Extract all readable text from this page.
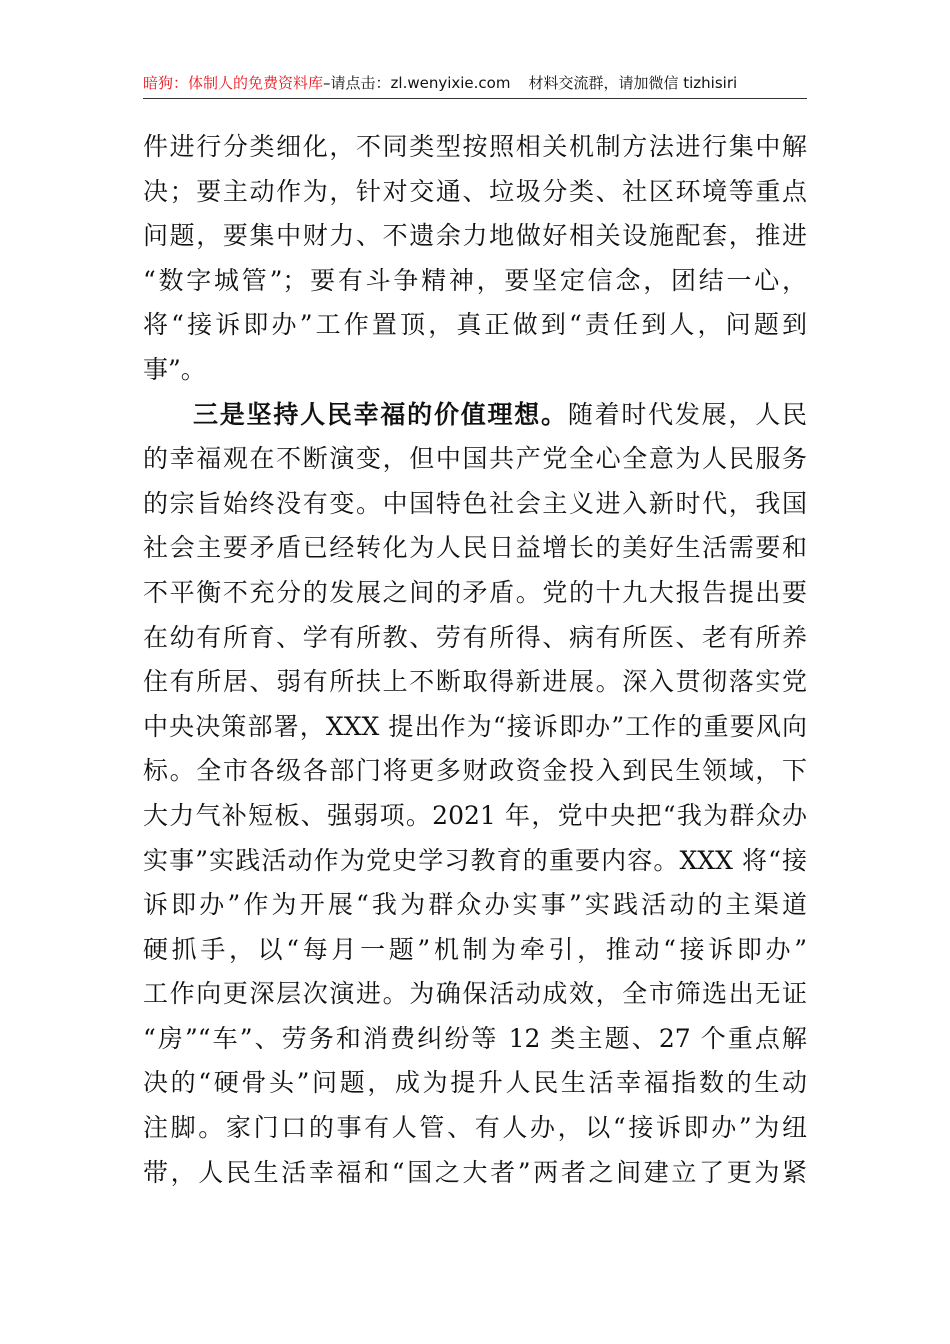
暗狗：体制人的免费资料库–请点击：zl.wenyixie.com 材料交流群，请加微信 tizhisiri
件进行分类细化，不同类型按照相关机制方法进行集中解
决；要主动作为，针对交通、垃圾分类、社区环境等重点
问题，要集中财力、不遗余力地做好相关设施配套，推进
“数字城管”；要有斗争精神，要坚定信念，团结一心，
将“接诉即办”工作置顶，真正做到“责任到人，问题到
事”。
三是坚持人民幸福的价值理想。随着时代发展，人民
的幸福观在不断演变，但中国共产党全心全意为人民服务
的宗旨始终没有变。中国特色社会主义进入新时代，我国
社会主要矛盾已经转化为人民日益增长的美好生活需要和
不平衡不充分的发展之间的矛盾。党的十九大报告提出要
在幼有所育、学有所教、劳有所得、病有所医、老有所养
住有所居、弱有所扶上不断取得新进展。深入贯彻落实党
中央决策部署，XXX 提出作为“接诉即办”工作的重要风向
标。全市各级各部门将更多财政资金投入到民生领域，下
大力气补短板、强弱项。2021 年，党中央把“我为群众办
实事”实践活动作为党史学习教育的重要内容。XXX 将“接
诉即办”作为开展“我为群众办实事”实践活动的主渠道
硬抓手，以“每月一题”机制为牵引，推动“接诉即办”
工作向更深层次演进。为确保活动成效，全市筛选出无证
“房”“车”、劳务和消费纠纷等 12 类主题、27 个重点解
决的“硬骨头”问题，成为提升人民生活幸福指数的生动
注脚。家门口的事有人管、有人办，以“接诉即办”为纽
带，人民生活幸福和“国之大者”两者之间建立了更为紧
